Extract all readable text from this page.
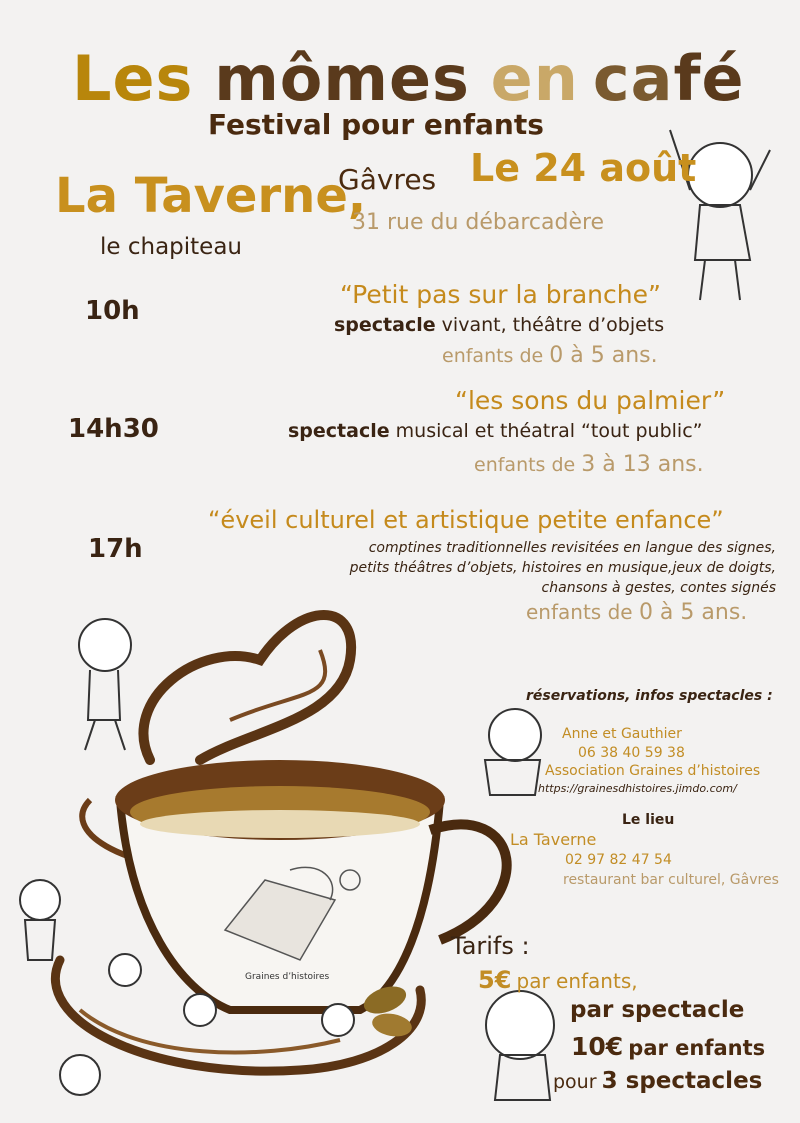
Les mômes en café
Festival pour enfants
La Taverne,
Gâvres Le 24 août
31 rue du débarcadère
le chapiteau
10h
“Petit pas sur la branche”
spectacle vivant, théâtre d’objets
enfants de 0 à 5 ans.
14h30
“les sons du palmier”
spectacle musical et théatral “tout public”
enfants de 3 à 13 ans.
17h
“éveil culturel et artistique petite enfance”
comptines traditionnelles revisitées en langue des signes,
petits théâtres d’objets, histoires en musique,jeux de doigts,
chansons à gestes, contes signés
enfants de 0 à 5 ans.
réservations, infos spectacles :
Anne et Gauthier
06 38 40 59 38
Association Graines d’histoires
https://grainesdhistoires.jimdo.com/
Le lieu
La Taverne
02 97 82 47 54
restaurant bar culturel, Gâvres
Tarifs :
5€ par enfants,
par spectacle
10€ par enfants
pour 3 spectacles
Graines d’histoires
